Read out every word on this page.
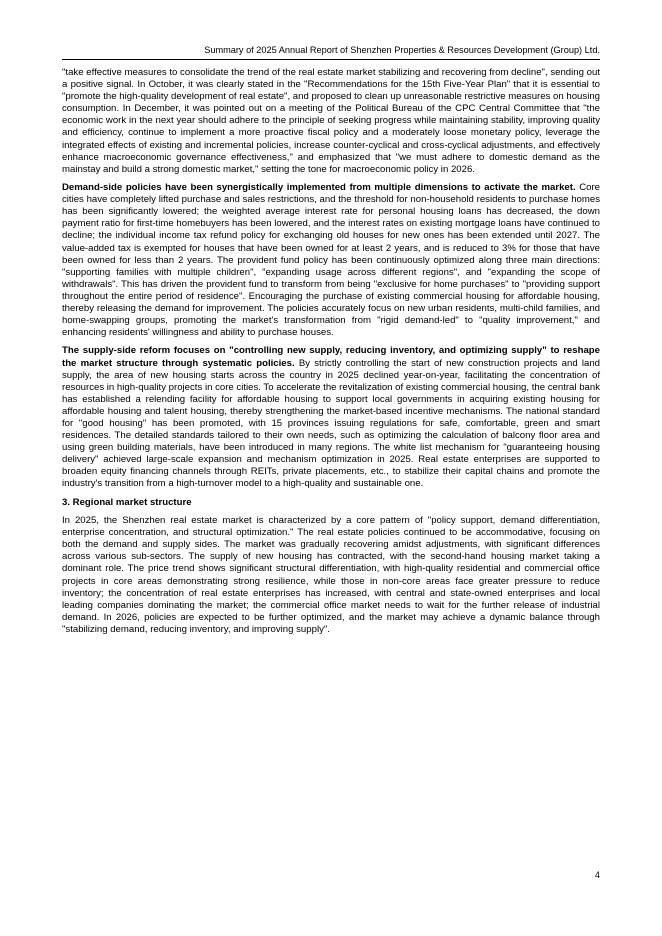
Summary of 2025 Annual Report of Shenzhen Properties & Resources Development (Group) Ltd.

"take effective measures to consolidate the trend of the real estate market stabilizing and recovering from decline", sending out a positive signal. In October, it was clearly stated in the "Recommendations for the 15th Five-Year Plan" that it is essential to "promote the high-quality development of real estate", and proposed to clean up unreasonable restrictive measures on housing consumption. In December, it was pointed out on a meeting of the Political Bureau of the CPC Central Committee that "the economic work in the next year should adhere to the principle of seeking progress while maintaining stability, improving quality and efficiency, continue to implement a more proactive fiscal policy and a moderately loose monetary policy, leverage the integrated effects of existing and incremental policies, increase counter-cyclical and cross-cyclical adjustments, and effectively enhance macroeconomic governance effectiveness," and emphasized that "we must adhere to domestic demand as the mainstay and build a strong domestic market," setting the tone for macroeconomic policy in 2026.

Demand-side policies have been synergistically implemented from multiple dimensions to activate the market. Core cities have completely lifted purchase and sales restrictions, and the threshold for non-household residents to purchase homes has been significantly lowered; the weighted average interest rate for personal housing loans has decreased, the down payment ratio for first-time homebuyers has been lowered, and the interest rates on existing mortgage loans have continued to decline; the individual income tax refund policy for exchanging old houses for new ones has been extended until 2027. The value-added tax is exempted for houses that have been owned for at least 2 years, and is reduced to 3% for those that have been owned for less than 2 years. The provident fund policy has been continuously optimized along three main directions: "supporting families with multiple children", "expanding usage across different regions", and "expanding the scope of withdrawals". This has driven the provident fund to transform from being "exclusive for home purchases" to "providing support throughout the entire period of residence". Encouraging the purchase of existing commercial housing for affordable housing, thereby releasing the demand for improvement. The policies accurately focus on new urban residents, multi-child families, and home-swapping groups, promoting the market's transformation from "rigid demand-led" to "quality improvement," and enhancing residents' willingness and ability to purchase houses.

The supply-side reform focuses on "controlling new supply, reducing inventory, and optimizing supply" to reshape the market structure through systematic policies. By strictly controlling the start of new construction projects and land supply, the area of new housing starts across the country in 2025 declined year-on-year, facilitating the concentration of resources in high-quality projects in core cities. To accelerate the revitalization of existing commercial housing, the central bank has established a relending facility for affordable housing to support local governments in acquiring existing housing for affordable housing and talent housing, thereby strengthening the market-based incentive mechanisms. The national standard for "good housing" has been promoted, with 15 provinces issuing regulations for safe, comfortable, green and smart residences. The detailed standards tailored to their own needs, such as optimizing the calculation of balcony floor area and using green building materials, have been introduced in many regions. The white list mechanism for "guaranteeing housing delivery" achieved large-scale expansion and mechanism optimization in 2025. Real estate enterprises are supported to broaden equity financing channels through REITs, private placements, etc., to stabilize their capital chains and promote the industry's transition from a high-turnover model to a high-quality and sustainable one.

3. Regional market structure

In 2025, the Shenzhen real estate market is characterized by a core pattern of "policy support, demand differentiation, enterprise concentration, and structural optimization." The real estate policies continued to be accommodative, focusing on both the demand and supply sides. The market was gradually recovering amidst adjustments, with significant differences across various sub-sectors. The supply of new housing has contracted, with the second-hand housing market taking a dominant role. The price trend shows significant structural differentiation, with high-quality residential and commercial office projects in core areas demonstrating strong resilience, while those in non-core areas face greater pressure to reduce inventory; the concentration of real estate enterprises has increased, with central and state-owned enterprises and local leading companies dominating the market; the commercial office market needs to wait for the further release of industrial demand. In 2026, policies are expected to be further optimized, and the market may achieve a dynamic balance through "stabilizing demand, reducing inventory, and improving supply".

4
